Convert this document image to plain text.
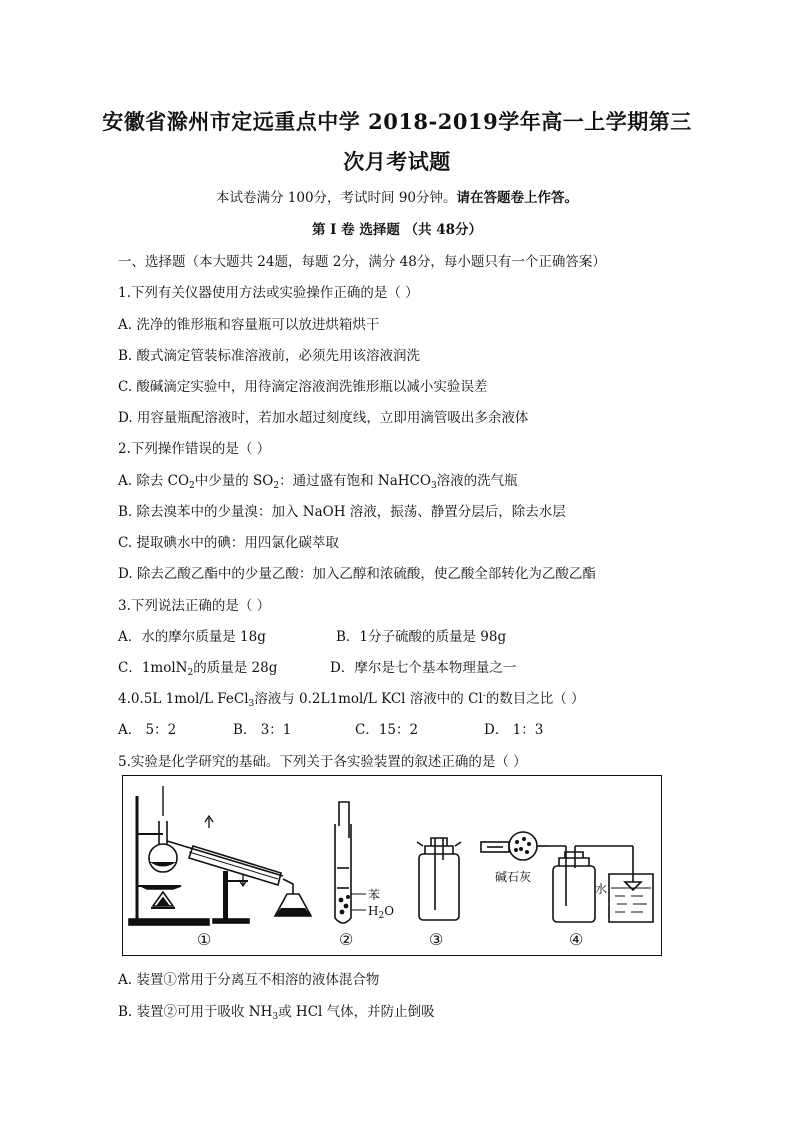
安徽省滁州市定远重点中学 2018-2019学年高一上学期第三
次月考试题
本试卷满分 100分，考试时间 90分钟。请在答题卷上作答。
第 I 卷 选择题 （共 48分）
一、选择题（本大题共 24题，每题 2分，满分 48分，每小题只有一个正确答案）
1.下列有关仪器使用方法或实验操作正确的是（ ）
A. 洗净的锥形瓶和容量瓶可以放进烘箱烘干
B. 酸式滴定管装标准溶液前，必须先用该溶液润洗
C. 酸碱滴定实验中，用待滴定溶液润洗锥形瓶以减小实验误差
D. 用容量瓶配溶液时，若加水超过刻度线，立即用滴管吸出多余液体
2.下列操作错误的是（ ）
A. 除去 $CO_2$中少量的 $SO_2$：通过盛有饱和 NaHCO$_3$溶液的洗气瓶
B. 除去溴苯中的少量溴：加入 NaOH 溶液，振荡、静置分层后，除去水层
C. 提取碘水中的碘：用四氯化碳萃取
D. 除去乙酸乙酯中的少量乙酸：加入乙醇和浓硫酸，使乙酸全部转化为乙酸乙酯
3.下列说法正确的是（ ）
A．水的摩尔质量是 18g	B．1分子硫酸的质量是 98g
C．1molN$_2$的质量是 28g	D．摩尔是七个基本物理量之一
4.0.5L 1mol/L FeCl$_3$溶液与 0.2L1mol/L KCl 溶液中的 Cl-的数目之比（ ）
A． 5：2	B． 3：1	C．15：2	D． 1：3
5.实验是化学研究的基础。下列关于各实验装置的叙述正确的是（ ）
苯
$H_2O$
碱石灰
水
①	②	③	④
A. 装置①常用于分离互不相溶的液体混合物
B. 装置②可用于吸收 $NH_3$或 HCl 气体，并防止倒吸
